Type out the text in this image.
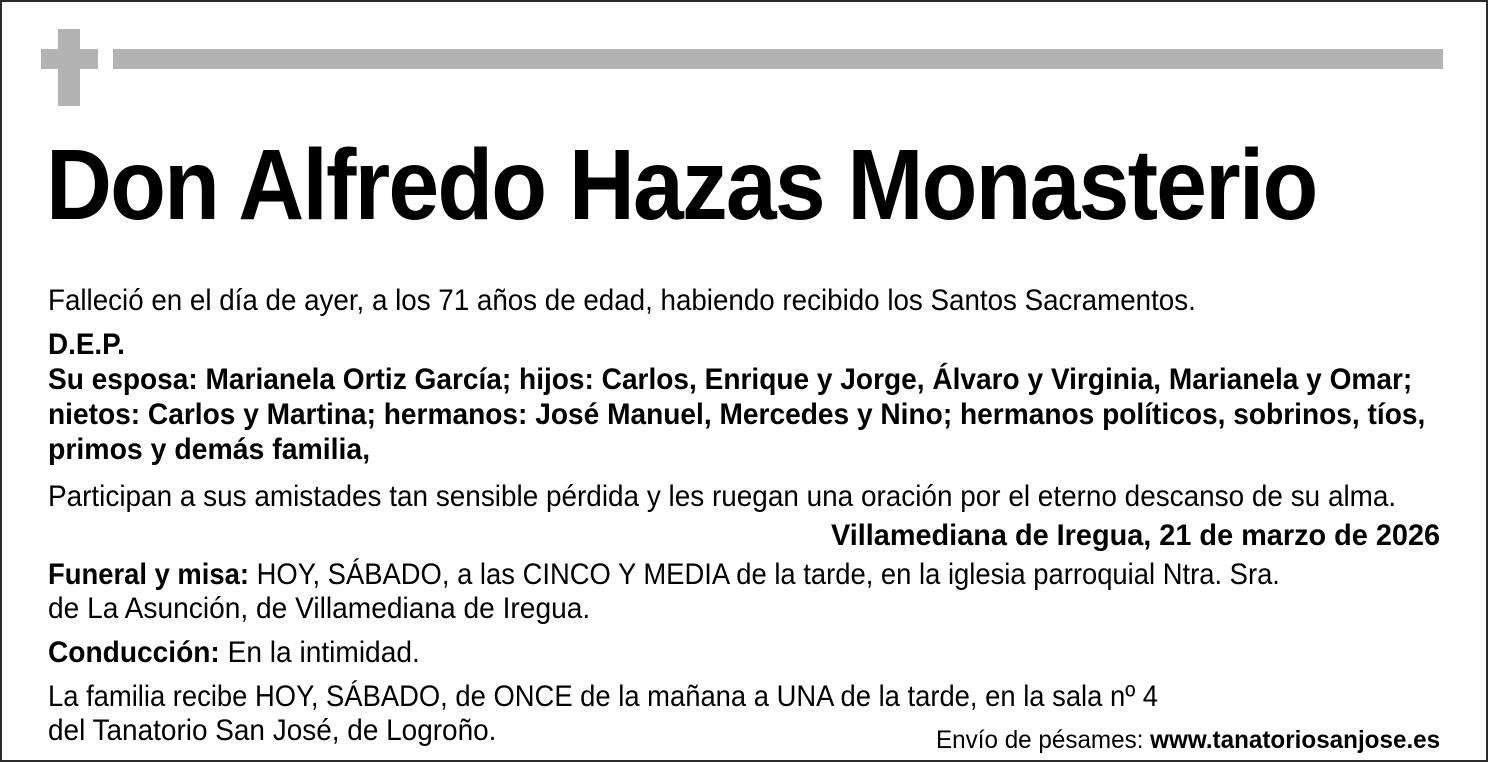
Don Alfredo Hazas Monasterio
Falleció en el día de ayer, a los 71 años de edad, habiendo recibido los Santos Sacramentos.
D.E.P.
Su esposa: Marianela Ortiz García; hijos: Carlos, Enrique y Jorge, Álvaro y Virginia, Marianela y Omar;
nietos: Carlos y Martina; hermanos: José Manuel, Mercedes y Nino; hermanos políticos, sobrinos, tíos,
primos y demás familia,
Participan a sus amistades tan sensible pérdida y les ruegan una oración por el eterno descanso de su alma.
Villamediana de Iregua, 21 de marzo de 2026
Funeral y misa: HOY, SÁBADO, a las CINCO Y MEDIA de la tarde, en la iglesia parroquial Ntra. Sra.
de La Asunción, de Villamediana de Iregua.
Conducción: En la intimidad.
La familia recibe HOY, SÁBADO, de ONCE de la mañana a UNA de la tarde, en la sala nº 4
del Tanatorio San José, de Logroño.	Envío de pésames: www.tanatoriosanjose.es
